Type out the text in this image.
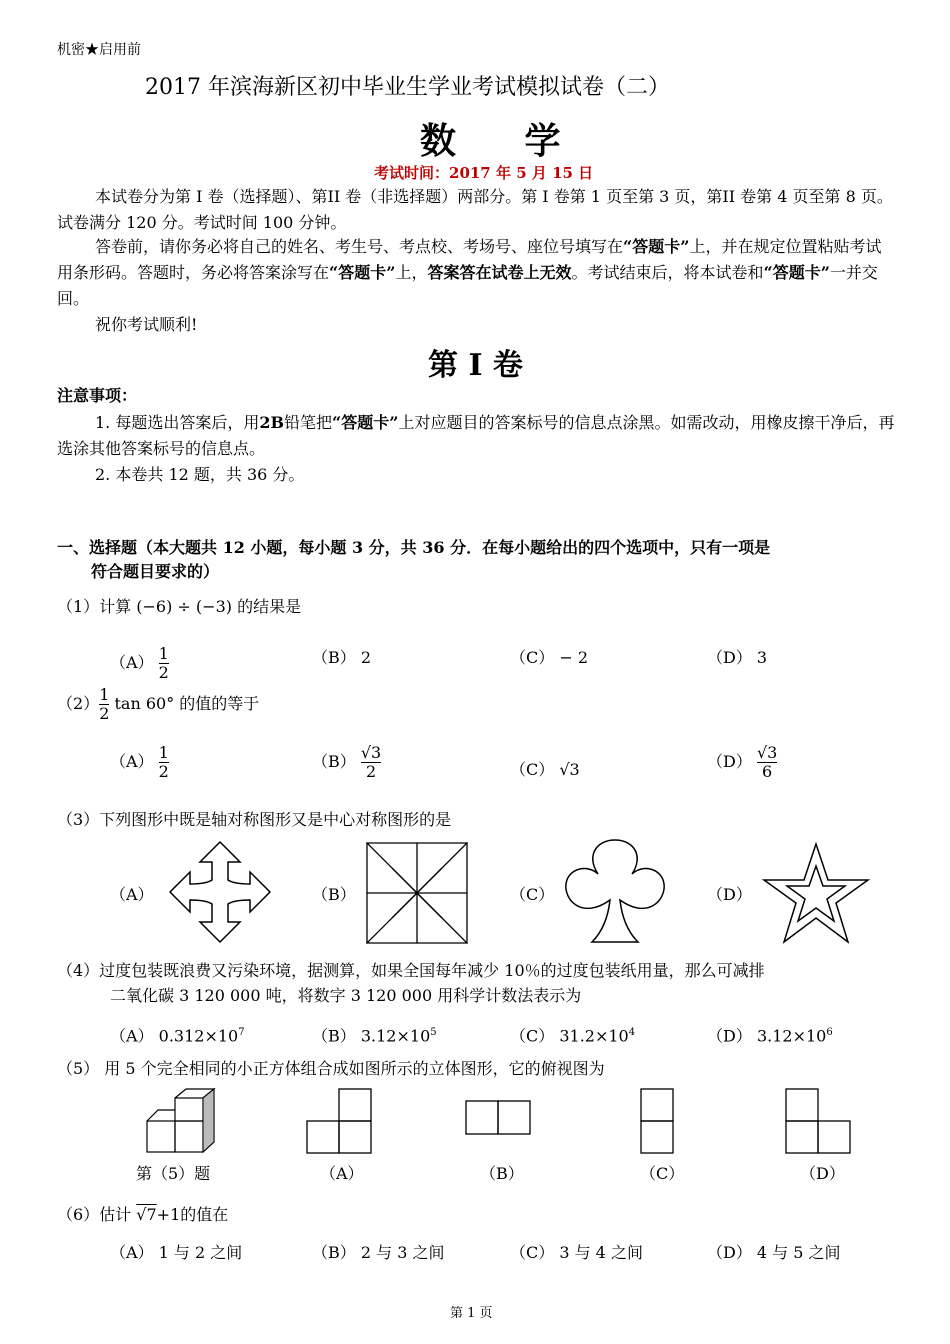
机密★启用前
2017 年滨海新区初中毕业生学业考试模拟试卷（二）
数 学
考试时间：2017 年 5 月 15 日
本试卷分为第 I 卷（选择题）、第II 卷（非选择题）两部分。第 I 卷第 1 页至第 3 页，第II 卷第 4 页至第 8 页。试卷满分 120 分。考试时间 100 分钟。
答卷前，请你务必将自己的姓名、考生号、考点校、考场号、座位号填写在“答题卡”上，并在规定位置粘贴考试用条形码。答题时，务必将答案涂写在“答题卡”上，答案答在试卷上无效。考试结束后，将本试卷和“答题卡”一并交回。
祝你考试顺利!
第 I 卷
注意事项：
1. 每题选出答案后，用2B铅笔把“答题卡”上对应题目的答案标号的信息点涂黑。如需改动，用橡皮擦干净后，再选涂其他答案标号的信息点。
2. 本卷共 12 题，共 36 分。
一、选择题（本大题共 12 小题，每小题 3 分，共 36 分．在每小题给出的四个选项中，只有一项是
符合题目要求的）
（1）计算 (−6) ÷ (−3) 的结果是
$(A) \frac{1}{2}$	（B） 2	（C） − 2	（D） 3
$(2) \frac{1}{2}$ tan 60° 的值的等于
$(A) \frac{1}{2}$	$(B) \frac{√3}{2}$	（C） √3	$(D) \frac{√3}{6}$
（3）下列图形中既是轴对称图形又是中心对称图形的是
（A）	（B）	（C）	（D）
（4）过度包装既浪费又污染环境，据测算，如果全国每年减少 10％的过度包装纸用量，那么可减排
二氧化碳 3 120 000 吨，将数字 3 120 000 用科学计数法表示为
（A） $0.312\times 10^7$	（B） $3.12\times 10^5$	（C） $31.2\times 10^4$	（D） $3.12\times 10^6$
（5） 用 5 个完全相同的小正方体组合成如图所示的立体图形，它的俯视图为
第（5）题	（A）	（B）	（C）	（D）
（6）估计 √7+1的值在
（A） 1 与 2 之间	（B） 2 与 3 之间	（C） 3 与 4 之间	（D） 4 与 5 之间
第 1 页
